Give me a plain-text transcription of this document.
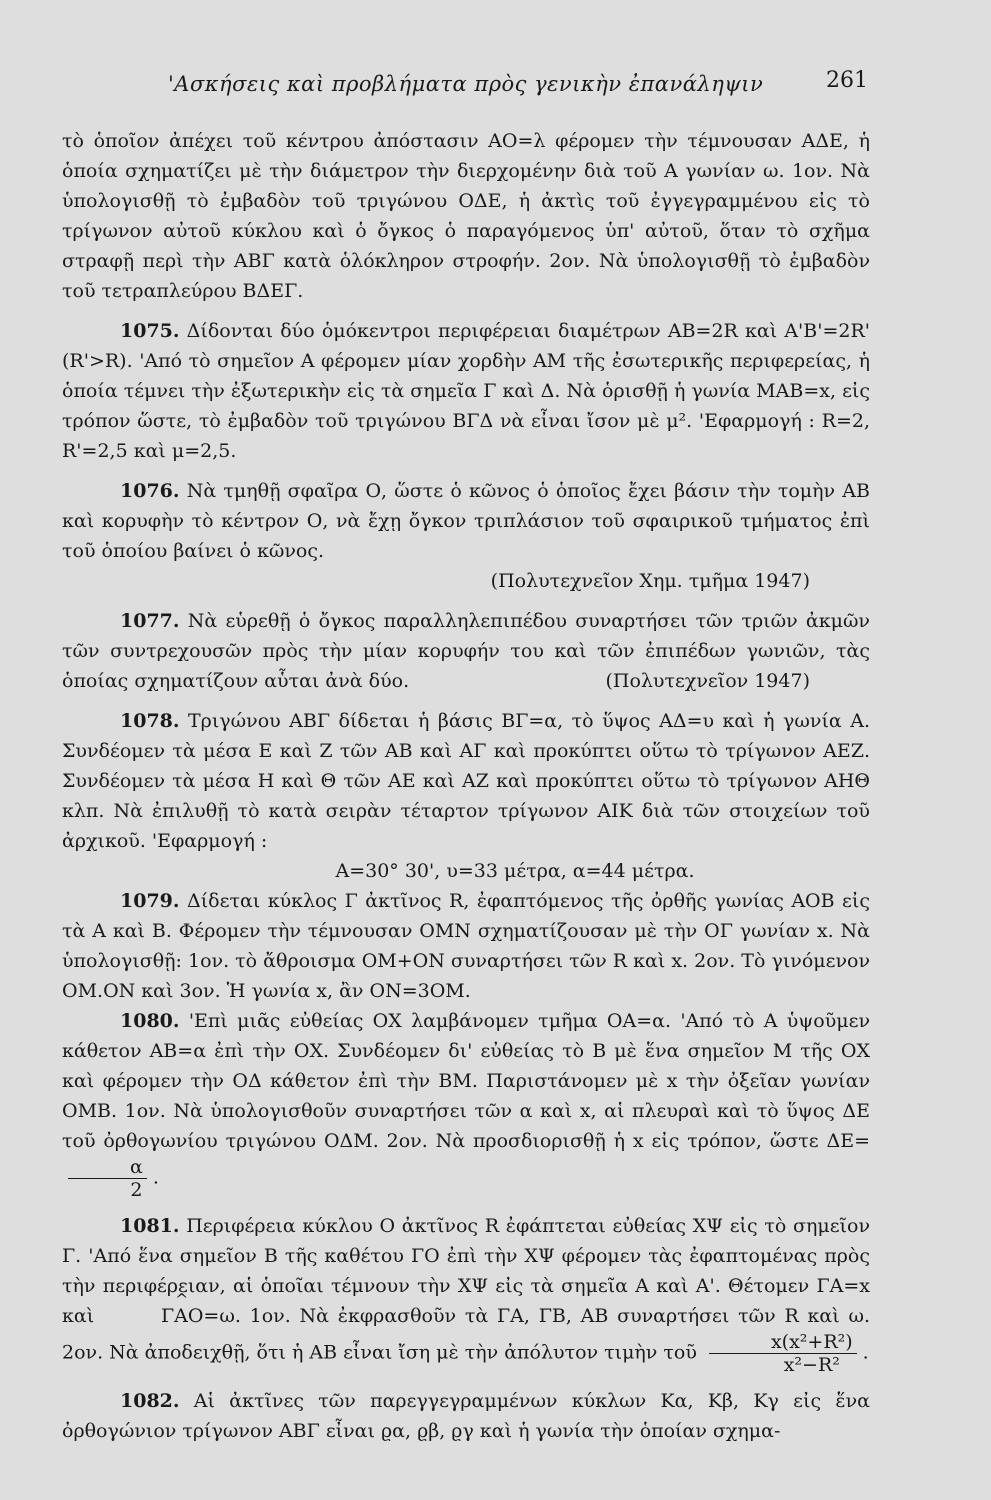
'Ασκήσεις καὶ προβλήματα πρὸς γενικὴν ἐπανάληψιν	261

τὸ ὁποῖον ἀπέχει τοῦ κέντρου ἀπόστασιν ΑΟ=λ φέρομεν τὴν τέμνουσαν ΑΔΕ, ἡ ὁποία σχηματίζει μὲ τὴν διάμετρον τὴν διερχομένην διὰ τοῦ Α γωνίαν ω. 1ον. Νὰ ὑπολογισθῇ τὸ ἐμβαδὸν τοῦ τριγώνου ΟΔΕ, ἡ ἀκτὶς τοῦ ἐγγεγραμμένου εἰς τὸ τρίγωνον αὐτοῦ κύκλου καὶ ὁ ὄγκος ὁ παραγόμενος ὑπ' αὐτοῦ, ὅταν τὸ σχῆμα στραφῇ περὶ τὴν ΑΒΓ κατὰ ὁλόκληρον στροφήν. 2ον. Νὰ ὑπολογισθῇ τὸ ἐμβαδὸν τοῦ τετραπλεύρου ΒΔΕΓ.

1075. Δίδονται δύο ὁμόκεντροι περιφέρειαι διαμέτρων ΑΒ=2R καὶ Α'Β'=2R' (R'>R). 'Από τὸ σημεῖον Α φέρομεν μίαν χορδὴν ΑΜ τῆς ἐσωτερικῆς περιφερείας, ἡ ὁποία τέμνει τὴν ἐξωτερικὴν εἰς τὰ σημεῖα Γ καὶ Δ. Νὰ ὁρισθῇ ἡ γωνία ΜΑΒ=x, εἰς τρόπον ὥστε, τὸ ἐμβαδὸν τοῦ τριγώνου ΒΓΔ νὰ εἶναι ἴσον μὲ μ². 'Εφαρμογή : R=2, R'=2,5 καὶ μ=2,5.

1076. Νὰ τμηθῇ σφαῖρα Ο, ὥστε ὁ κῶνος ὁ ὁποῖος ἔχει βάσιν τὴν τομὴν ΑΒ καὶ κορυφὴν τὸ κέντρον Ο, νὰ ἔχῃ ὄγκον τριπλάσιον τοῦ σφαιρικοῦ τμήματος ἐπὶ τοῦ ὁποίου βαίνει ὁ κῶνος.
(Πολυτεχνεῖον Χημ. τμῆμα 1947)

1077. Νὰ εὑρεθῇ ὁ ὄγκος παραλληλεπιπέδου συναρτήσει τῶν τριῶν ἀκμῶν τῶν συντρεχουσῶν πρὸς τὴν μίαν κορυφήν του καὶ τῶν ἐπιπέδων γωνιῶν, τὰς ὁποίας σχηματίζουν αὗται ἀνὰ δύο.	(Πολυτεχνεῖον 1947)

1078. Τριγώνου ΑΒΓ δίδεται ἡ βάσις ΒΓ=α, τὸ ὕψος ΑΔ=υ καὶ ἡ γωνία Α. Συνδέομεν τὰ μέσα Ε καὶ Ζ τῶν ΑΒ καὶ ΑΓ καὶ προκύπτει οὕτω τὸ τρίγωνον ΑΕΖ. Συνδέομεν τὰ μέσα Η καὶ Θ τῶν ΑΕ καὶ ΑΖ καὶ προκύπτει οὕτω τὸ τρίγωνον ΑΗΘ κλπ. Νὰ ἐπιλυθῇ τὸ κατὰ σειρὰν τέταρτον τρίγωνον ΑΙΚ διὰ τῶν στοιχείων τοῦ ἀρχικοῦ. 'Εφαρμογή :
Α=30° 30', υ=33 μέτρα, α=44 μέτρα.

1079. Δίδεται κύκλος Γ ἀκτῖνος R, ἐφαπτόμενος τῆς ὀρθῆς γωνίας ΑΟΒ εἰς τὰ Α καὶ Β. Φέρομεν τὴν τέμνουσαν ΟΜΝ σχηματίζουσαν μὲ τὴν ΟΓ γωνίαν x. Νὰ ὑπολογισθῇ: 1ον. τὸ ἄθροισμα ΟΜ+ΟΝ συναρτήσει τῶν R καὶ x. 2ον. Τὸ γινόμενον ΟΜ.ΟΝ καὶ 3ον. Ἡ γωνία x, ἂν ΟΝ=3ΟΜ.

1080. 'Επὶ μιᾶς εὐθείας ΟΧ λαμβάνομεν τμῆμα ΟΑ=α. 'Από τὸ Α ὑψοῦμεν κάθετον ΑΒ=α ἐπὶ τὴν ΟΧ. Συνδέομεν δι' εὐθείας τὸ Β μὲ ἕνα σημεῖον Μ τῆς ΟΧ καὶ φέρομεν τὴν ΟΔ κάθετον ἐπὶ τὴν ΒΜ. Παριστάνομεν μὲ x τὴν ὀξεῖαν γωνίαν ΟΜΒ. 1ον. Νὰ ὑπολογισθοῦν συναρτήσει τῶν α καὶ x, αἱ πλευραὶ καὶ τὸ ὕψος ΔΕ τοῦ ὀρθογωνίου τριγώνου ΟΔΜ. 2ον. Νὰ προσδιορισθῇ ἡ x εἰς τρόπον, ὥστε ΔΕ=
$\frac{\alpha}{2}$ .

1081. Περιφέρεια κύκλου Ο ἀκτῖνος R ἐφάπτεται εὐθείας ΧΨ εἰς τὸ σημεῖον Γ. 'Από ἕνα σημεῖον Β τῆς καθέτου ΓΟ ἐπὶ τὴν ΧΨ φέρομεν τὰς ἐφαπτομένας πρὸς τὴν περιφέρειαν, αἱ ὁποῖαι τέμνουν τὴν ΧΨ εἰς τὰ σημεῖα Α καὶ Α'. Θέτομεν ΓΑ=x καὶ ^	ΓΑΟ=ω. 1ον. Νὰ ἐκφρασθοῦν τὰ ΓΑ, ΓΒ, ΑΒ συναρτήσει τῶν R καὶ ω. 2ον. Νὰ ἀποδειχθῇ, ὅτι ἡ ΑΒ εἶναι ἴση μὲ τὴν ἀπόλυτον τιμὴν τοῦ $\frac{\text{x(x²+R²)}}{\text{x²−R²}}$ .

1082. Αἱ ἀκτῖνες τῶν παρεγγεγραμμένων κύκλων Κα, Κβ, Κγ εἰς ἕνα ὀρθογώνιον τρίγωνον ΑΒΓ εἶναι ϱα, ϱβ, ϱγ καὶ ἡ γωνία τὴν ὁποίαν σχημα-
